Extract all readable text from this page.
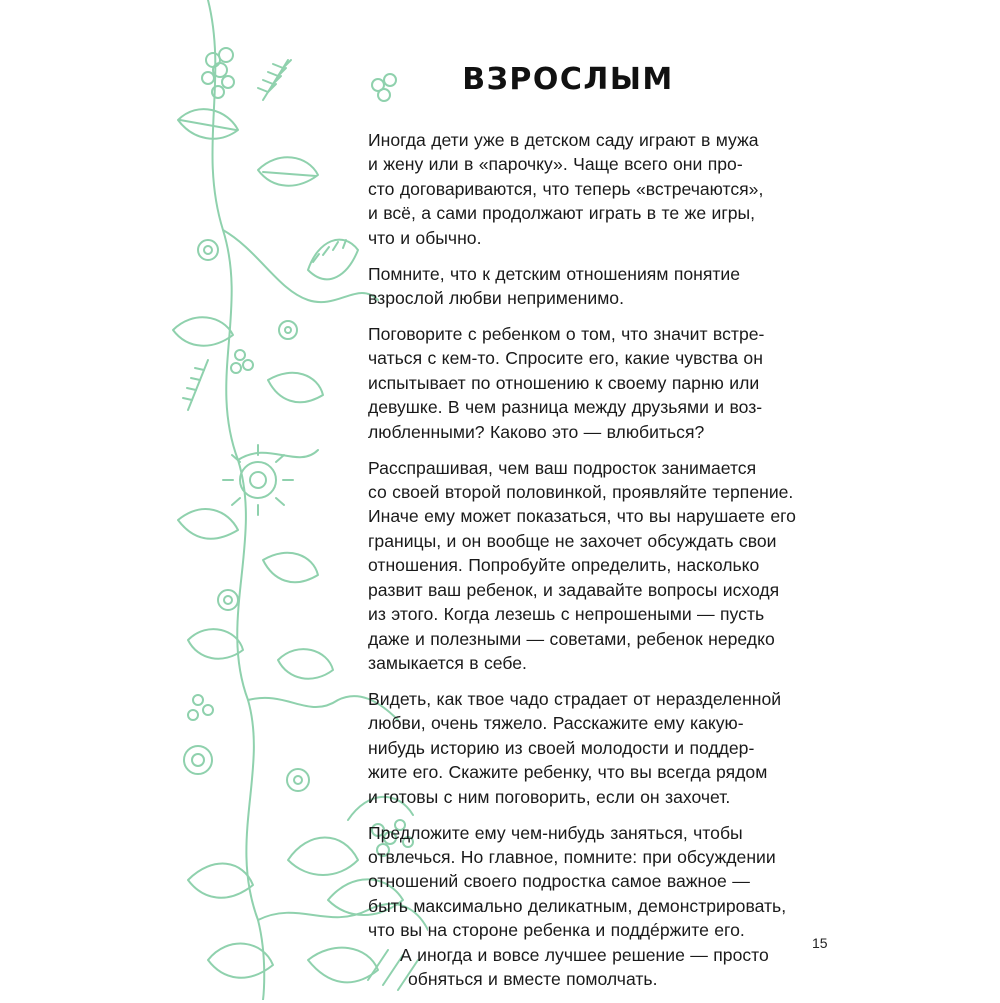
ВЗРОСЛЫМ

Иногда дети уже в детском саду играют в мужа
и жену или в «парочку». Чаще всего они про-
сто договариваются, что теперь «встречаются»,
и всё, а сами продолжают играть в те же игры,
что и обычно.

Помните, что к детским отношениям понятие
взрослой любви неприменимо.

Поговорите с ребенком о том, что значит встре-
чаться с кем-то. Спросите его, какие чувства он
испытывает по отношению к своему парню или
девушке. В чем разница между друзьями и воз-
любленными? Каково это — влюбиться?

Расспрашивая, чем ваш подросток занимается
со своей второй половинкой, проявляйте терпение.
Иначе ему может показаться, что вы нарушаете его
границы, и он вообще не захочет обсуждать свои
отношения. Попробуйте определить, насколько
развит ваш ребенок, и задавайте вопросы исходя
из этого. Когда лезешь с непрошеными — пусть
даже и полезными — советами, ребенок нередко
замыкается в себе.

Видеть, как твое чадо страдает от неразделенной
любви, очень тяжело. Расскажите ему какую-
нибудь историю из своей молодости и поддер-
жите его. Скажите ребенку, что вы всегда рядом
и готовы с ним поговорить, если он захочет.

Предложите ему чем-нибудь заняться, чтобы
отвлечься. Но главное, помните: при обсуждении
отношений своего подростка самое важное —
быть максимально деликатным, демонстрировать,
что вы на стороне ребенка и поддéржите его.
А иногда и вовсе лучшее решение — просто
обняться и вместе помолчать.

15
